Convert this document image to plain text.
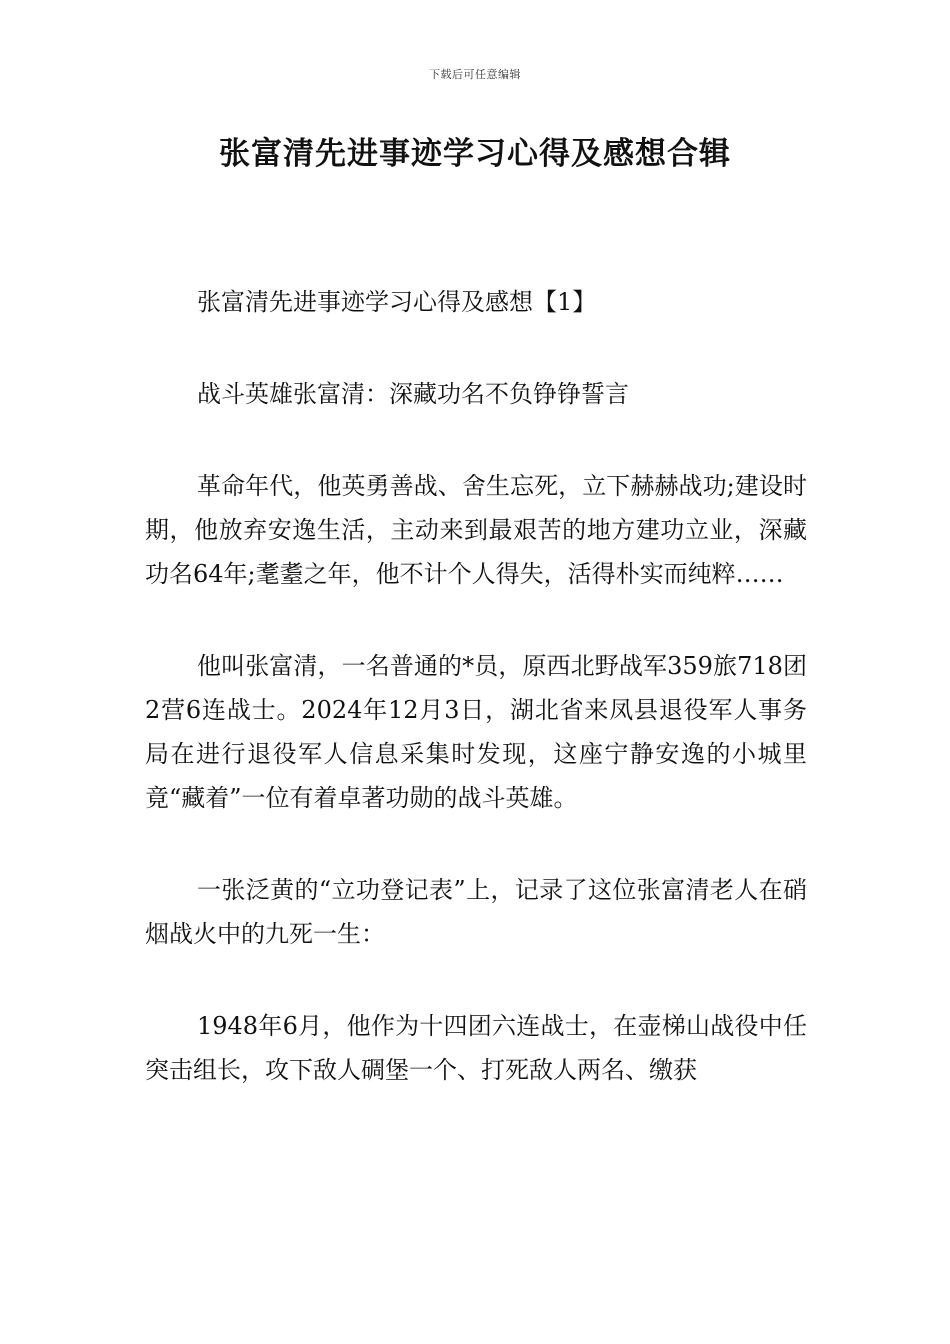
下载后可任意编辑
张富清先进事迹学习心得及感想合辑

张富清先进事迹学习心得及感想【1】

战斗英雄张富清：深藏功名不负铮铮誓言

革命年代，他英勇善战、舍生忘死，立下赫赫战功;建设时期，他放弃安逸生活，主动来到最艰苦的地方建功立业，深藏功名64年;耄耋之年，他不计个人得失，活得朴实而纯粹……

他叫张富清，一名普通的*员，原西北野战军359旅718团2营6连战士。2024年12月3日，湖北省来凤县退役军人事务局在进行退役军人信息采集时发现，这座宁静安逸的小城里竟“藏着”一位有着卓著功勋的战斗英雄。

一张泛黄的“立功登记表”上，记录了这位张富清老人在硝烟战火中的九死一生：

1948年6月，他作为十四团六连战士，在壶梯山战役中任突击组长，攻下敌人碉堡一个、打死敌人两名、缴获
